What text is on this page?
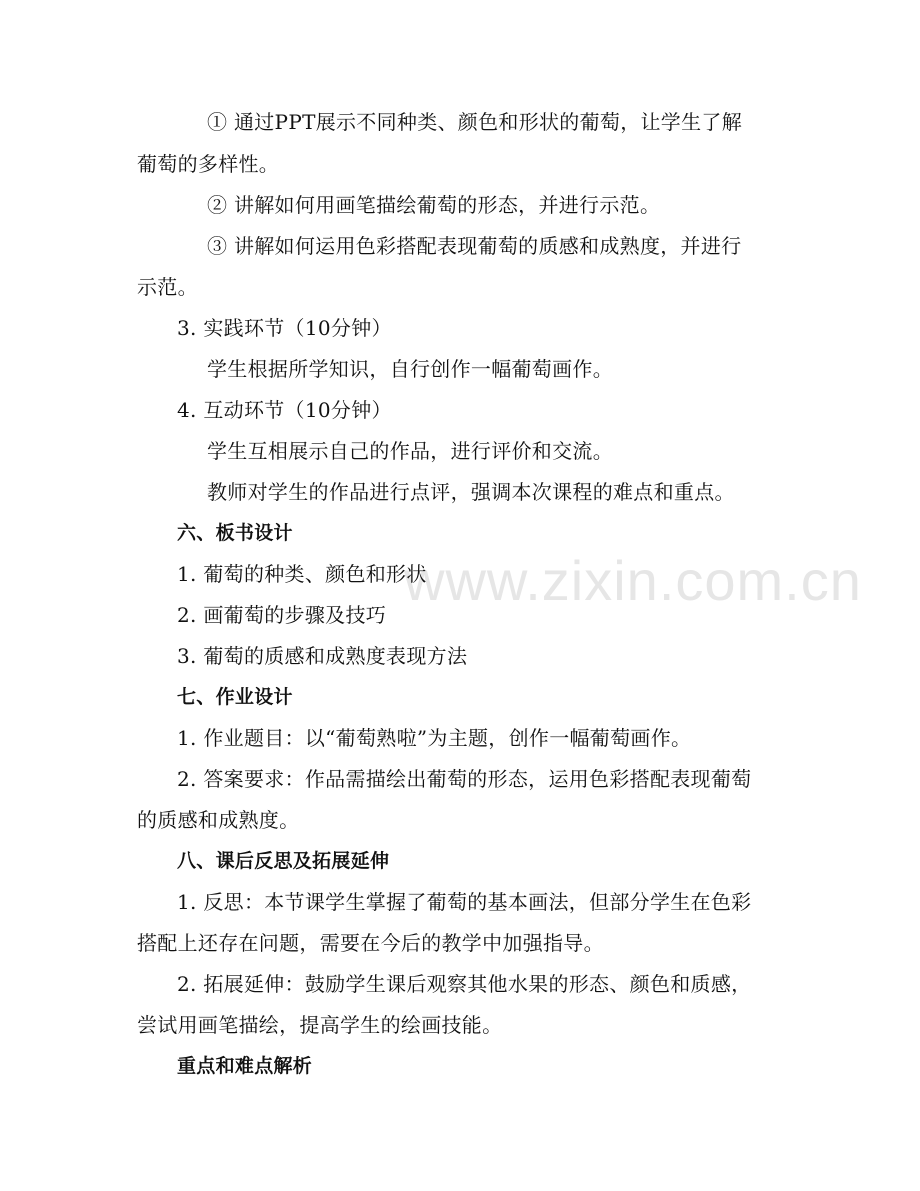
www.zixin.com.cn
① 通过PPT展示不同种类、颜色和形状的葡萄，让学生了解
葡萄的多样性。
② 讲解如何用画笔描绘葡萄的形态，并进行示范。
③ 讲解如何运用色彩搭配表现葡萄的质感和成熟度，并进行
示范。
3. 实践环节（10分钟）
学生根据所学知识，自行创作一幅葡萄画作。
4. 互动环节（10分钟）
学生互相展示自己的作品，进行评价和交流。
教师对学生的作品进行点评，强调本次课程的难点和重点。
六、板书设计
1. 葡萄的种类、颜色和形状
2. 画葡萄的步骤及技巧
3. 葡萄的质感和成熟度表现方法
七、作业设计
1. 作业题目：以“葡萄熟啦”为主题，创作一幅葡萄画作。
2. 答案要求：作品需描绘出葡萄的形态，运用色彩搭配表现葡萄
的质感和成熟度。
八、课后反思及拓展延伸
1. 反思：本节课学生掌握了葡萄的基本画法，但部分学生在色彩
搭配上还存在问题，需要在今后的教学中加强指导。
2. 拓展延伸：鼓励学生课后观察其他水果的形态、颜色和质感，
尝试用画笔描绘，提高学生的绘画技能。
重点和难点解析
